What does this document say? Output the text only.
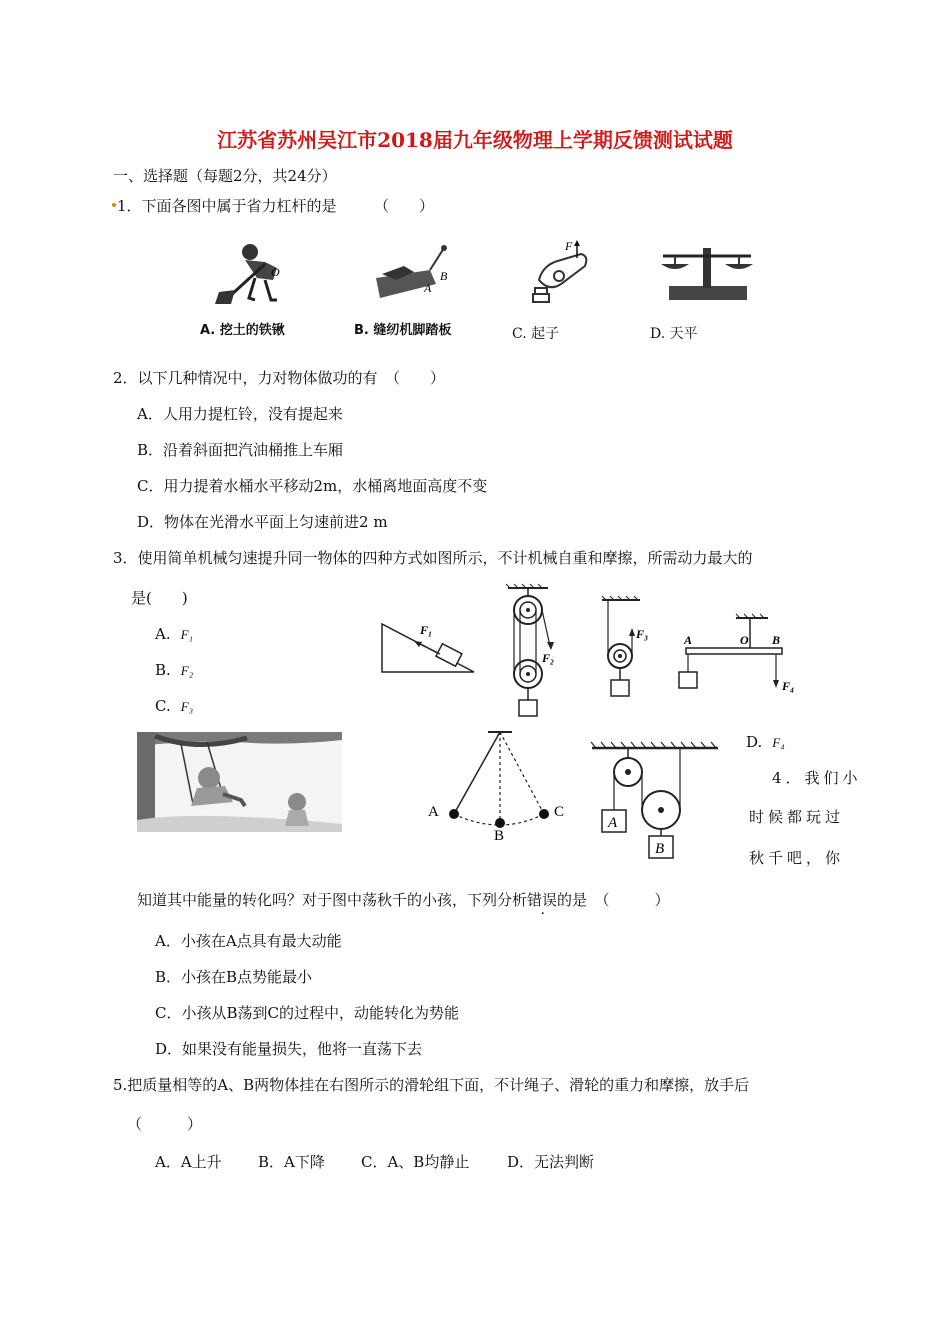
江苏省苏州吴江市2018届九年级物理上学期反馈测试试题
一、选择题（每题2分，共24分）
1．下面各图中属于省力杠杆的是　　　（　　）
O
A. 挖土的铁锹
B
A
B. 缝纫机脚踏板
F
C. 起子	D. 天平
2．以下几种情况中，力对物体做功的有　（　　）
A．人用力提杠铃，没有提起来
B．沿着斜面把汽油桶推上车厢
C．用力提着水桶水平移动2m，水桶离地面高度不变
D．物体在光滑水平面上匀速前进2 m
3．使用简单机械匀速提升同一物体的四种方式如图所示，不计机械自重和摩擦，所需动力最大的
是(　　)
A. F₁
B. F₂
C. F₃
D. F₄
F₁
F₂
F₃	A	O B
F₄
A
B
C
A
B
4．我们小
时候都玩过
秋千吧，你
知道其中能量的转化吗？对于图中荡秋千的小孩，下列分析错误的是　（　　　）
A．小孩在A点具有最大动能
B．小孩在B点势能最小
C．小孩从B荡到C的过程中，动能转化为势能
D．如果没有能量损失，他将一直荡下去
5.把质量相等的A、B两物体挂在右图所示的滑轮组下面，不计绳子、滑轮的重力和摩擦，放手后
（　　　）
A．A上升 B．A下降 C．A、B均静止	D．无法判断
